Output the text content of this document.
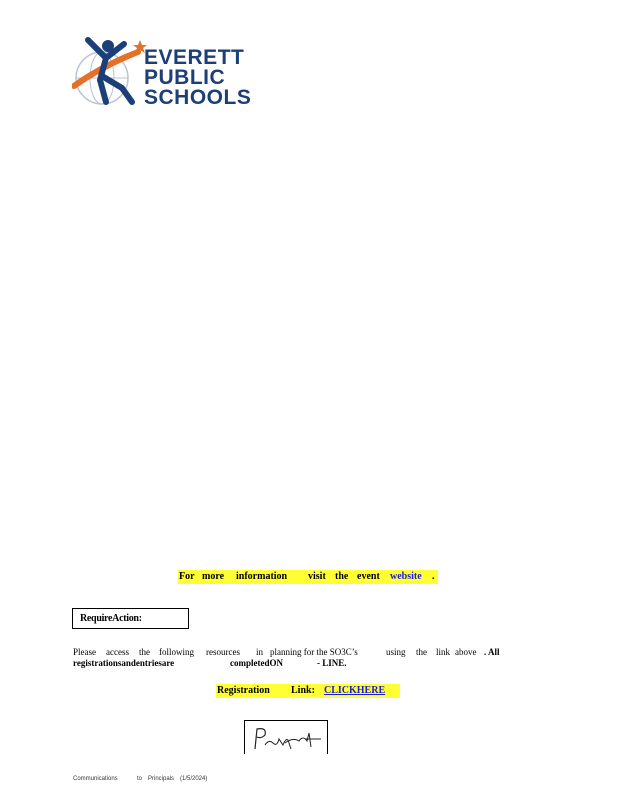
EVERETT
PUBLIC
SCHOOLS
For more information visit the event website .
RequireAction:
Please access the following resources in planning for the SO3C’s	using the link above . All
registrationsandentriesare	completedON	- LINE.
Registration Link: CLICKHERE
Communications	to Principals (1/5/2024)
